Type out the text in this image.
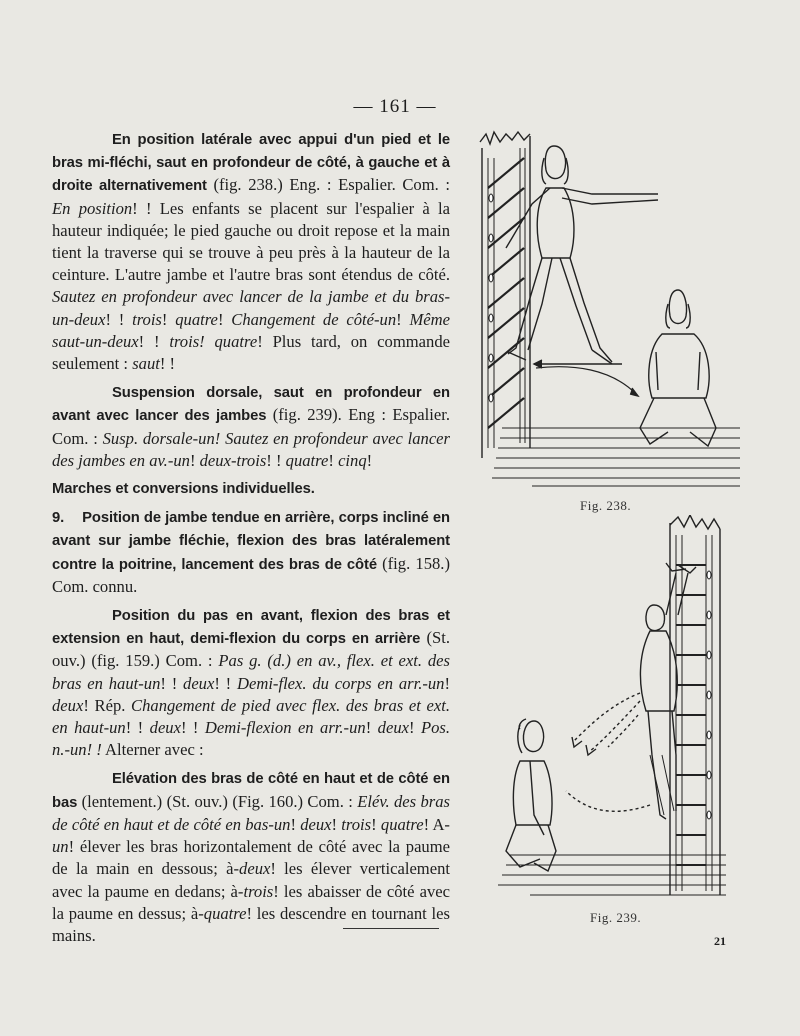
— 161 —

En position latérale avec appui d'un pied et le bras mi-fléchi, saut en profondeur de côté, à gauche et à droite alternativement (fig. 238.) Eng. : Espalier. Com. : En position! ! Les enfants se placent sur l'espalier à la hauteur indiquée; le pied gauche ou droit repose et la main tient la traverse qui se trouve à peu près à la hauteur de la ceinture. L'autre jambe et l'autre bras sont étendus de côté. Sautez en profondeur avec lancer de la jambe et du bras-un-deux! ! trois! quatre! Changement de côté-un! Même saut-un-deux! ! trois! quatre! Plus tard, on commande seulement : saut! !

Suspension dorsale, saut en profondeur en avant avec lancer des jambes (fig. 239). Eng : Espalier. Com. : Susp. dorsale-un! Sautez en profondeur avec lancer des jambes en av.-un! deux-trois! ! quatre! cinq!

Marches et conversions individuelles.

9. Position de jambe tendue en arrière, corps incliné en avant sur jambe fléchie, flexion des bras latéralement contre la poitrine, lancement des bras de côté (fig. 158.) Com. connu.

Position du pas en avant, flexion des bras et extension en haut, demi-flexion du corps en arrière (St. ouv.) (fig. 159.) Com. : Pas g. (d.) en av., flex. et ext. des bras en haut-un! ! deux! ! Demi-flex. du corps en arr.-un! deux! Rép. Changement de pied avec flex. des bras et ext. en haut-un! ! deux! ! Demi-flexion en arr.-un! deux! Pos. n.-un! ! Alterner avec :

Elévation des bras de côté en haut et de côté en bas (lentement.) (St. ouv.) (Fig. 160.) Com. : Elév. des bras de côté en haut et de côté en bas-un! deux! trois! quatre! A-un! élever les bras horizontalement de côté avec la paume de la main en dessous; à-deux! les élever verticalement avec la paume en dedans; à-trois! les abaisser de côté avec la paume en dessus; à-quatre! les descendre en tournant les mains.

Fig. 238.
Fig. 239.
21
